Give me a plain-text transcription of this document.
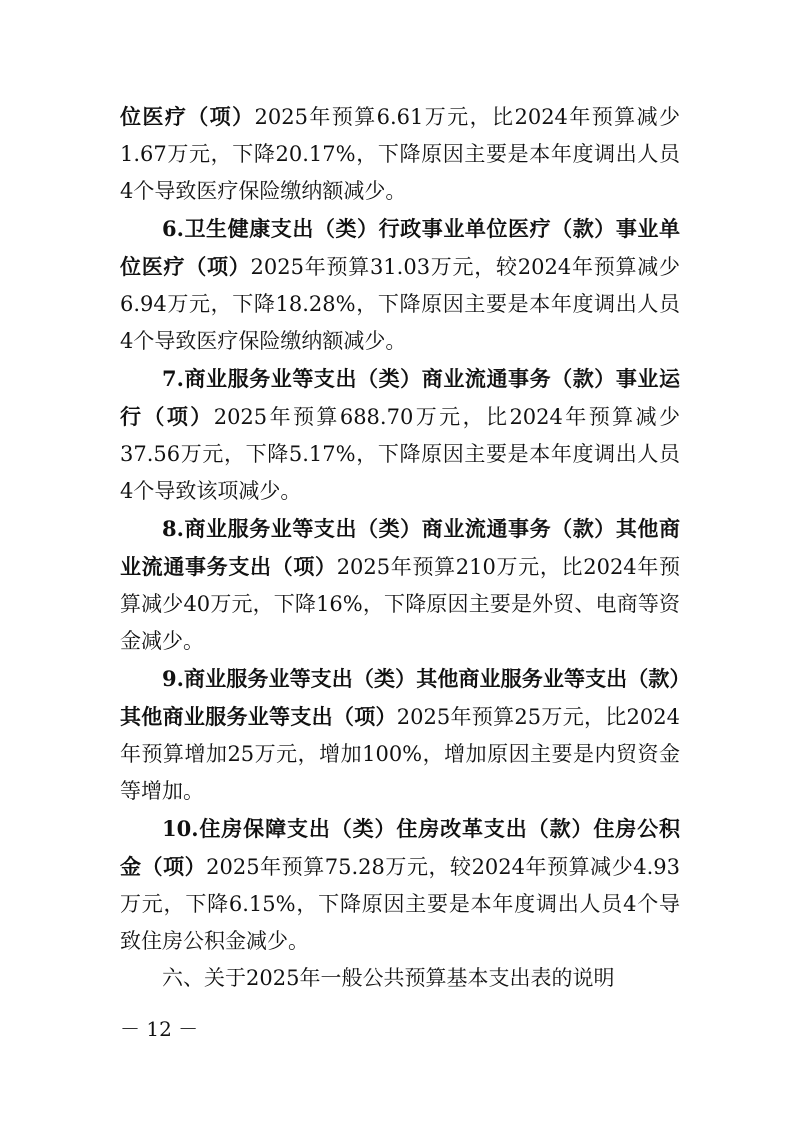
位医疗（项）2025年预算6.61万元，比2024年预算减少1.67万元，下降20.17%，下降原因主要是本年度调出人员4个导致医疗保险缴纳额减少。

6.卫生健康支出（类）行政事业单位医疗（款）事业单位医疗（项）2025年预算31.03万元，较2024年预算减少6.94万元，下降18.28%，下降原因主要是本年度调出人员4个导致医疗保险缴纳额减少。

7.商业服务业等支出（类）商业流通事务（款）事业运行（项）2025年预算688.70万元，比2024年预算减少37.56万元，下降5.17%，下降原因主要是本年度调出人员4个导致该项减少。

8.商业服务业等支出（类）商业流通事务（款）其他商业流通事务支出（项）2025年预算210万元，比2024年预算减少40万元，下降16%，下降原因主要是外贸、电商等资金减少。

9.商业服务业等支出（类）其他商业服务业等支出（款）其他商业服务业等支出（项）2025年预算25万元，比2024年预算增加25万元，增加100%，增加原因主要是内贸资金等增加。

10.住房保障支出（类）住房改革支出（款）住房公积金（项）2025年预算75.28万元，较2024年预算减少4.93万元，下降6.15%，下降原因主要是本年度调出人员4个导致住房公积金减少。

六、关于2025年一般公共预算基本支出表的说明

－ 12 －
